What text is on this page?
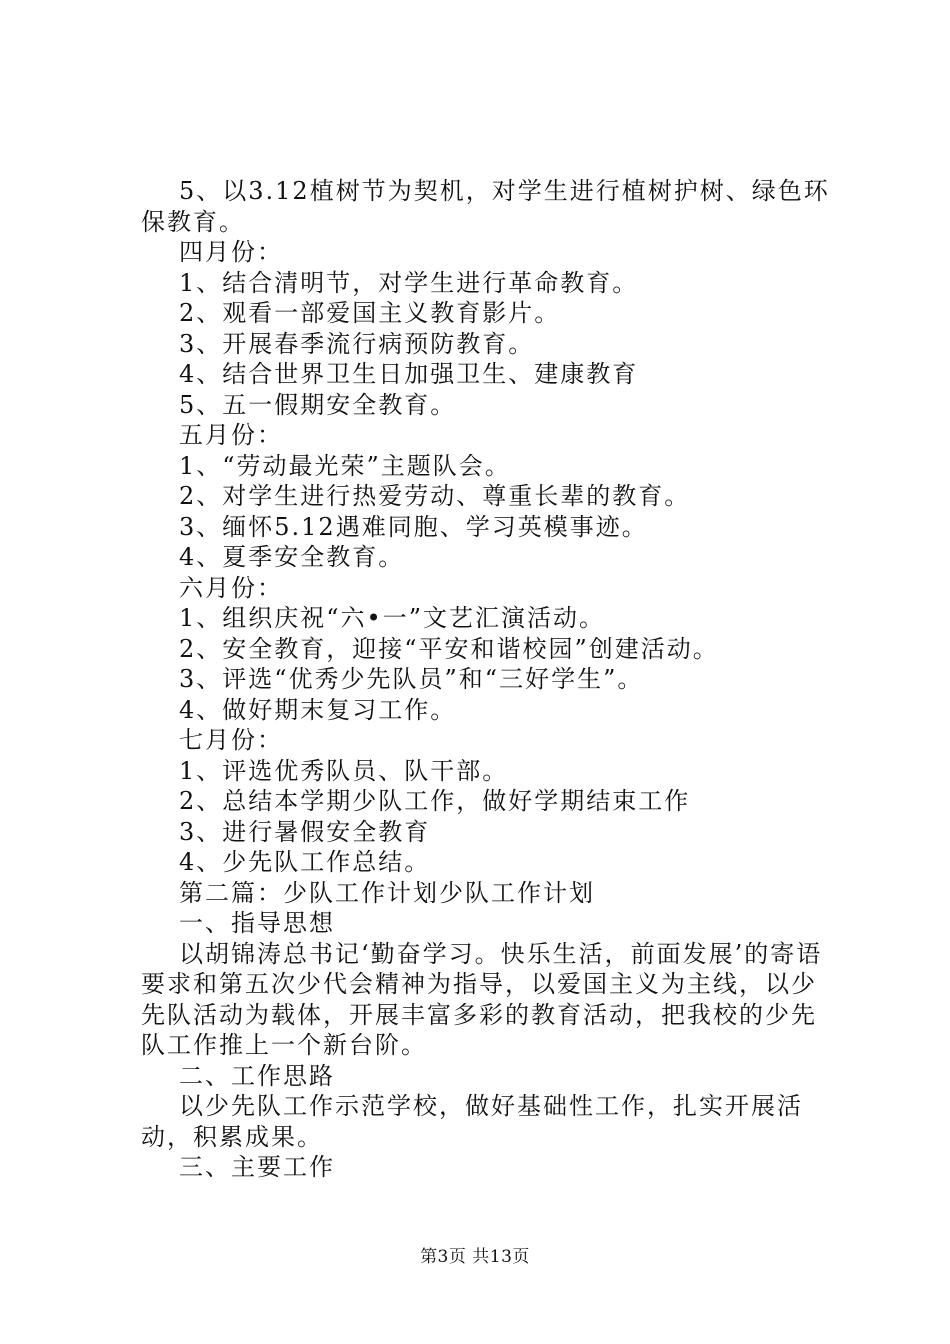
5、以3.12植树节为契机，对学生进行植树护树、绿色环保教育。

四月份：

1、结合清明节，对学生进行革命教育。

2、观看一部爱国主义教育影片。

3、开展春季流行病预防教育。

4、结合世界卫生日加强卫生、建康教育

5、五一假期安全教育。

五月份：

1、“劳动最光荣”主题队会。

2、对学生进行热爱劳动、尊重长辈的教育。

3、缅怀5.12遇难同胞、学习英模事迹。

4、夏季安全教育。

六月份：

1、组织庆祝“六•一”文艺汇演活动。

2、安全教育，迎接“平安和谐校园”创建活动。

3、评选“优秀少先队员”和“三好学生”。

4、做好期末复习工作。

七月份：

1、评选优秀队员、队干部。

2、总结本学期少队工作，做好学期结束工作

3、进行暑假安全教育

4、少先队工作总结。

第二篇：少队工作计划少队工作计划

一、指导思想

以胡锦涛总书记‘勤奋学习。快乐生活，前面发展’的寄语要求和第五次少代会精神为指导，以爱国主义为主线，以少先队活动为载体，开展丰富多彩的教育活动，把我校的少先队工作推上一个新台阶。

二、工作思路

以少先队工作示范学校，做好基础性工作，扎实开展活动，积累成果。

三、主要工作

第3页 共13页
